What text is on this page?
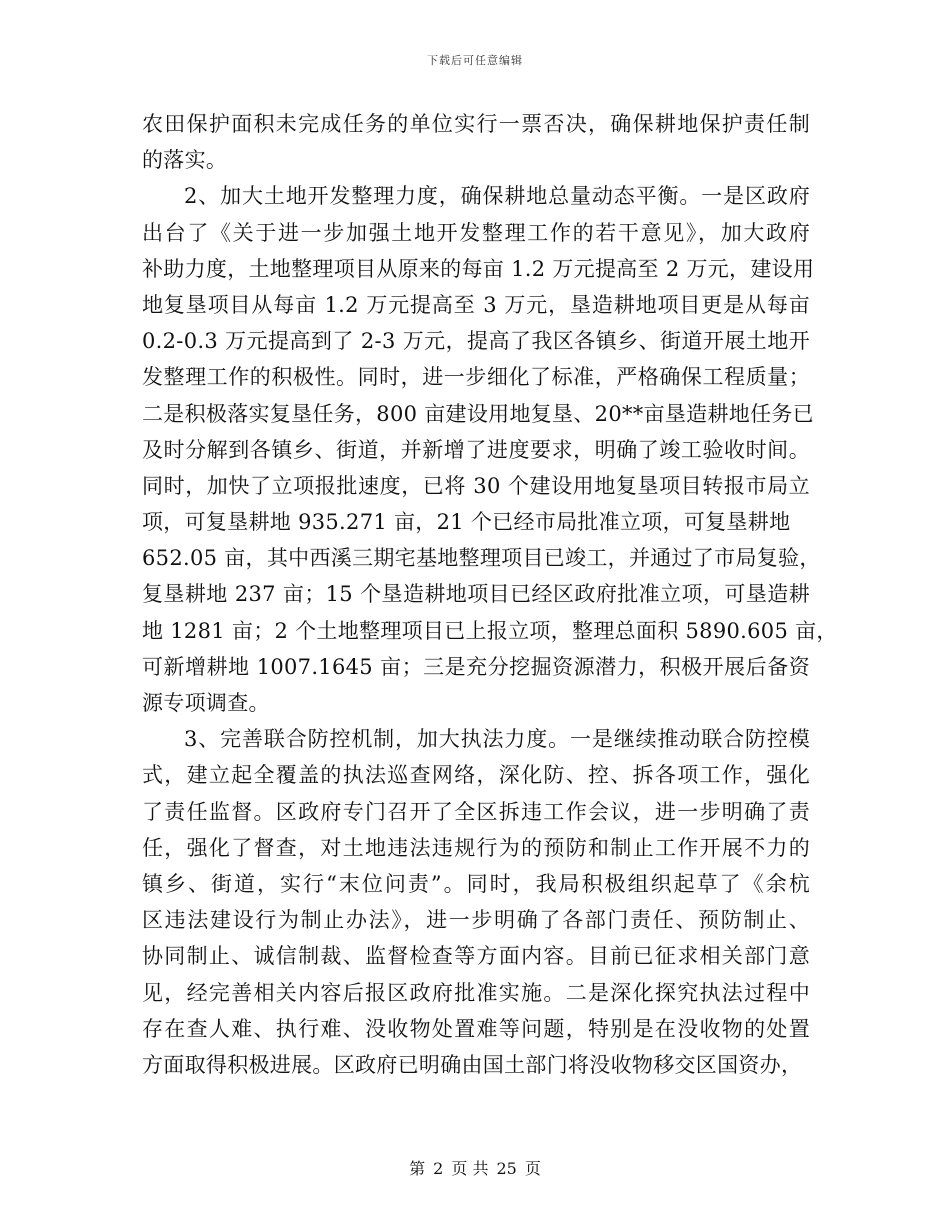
下载后可任意编辑
农田保护面积未完成任务的单位实行一票否决，确保耕地保护责任制
的落实。
2、加大土地开发整理力度，确保耕地总量动态平衡。一是区政府
出台了《关于进一步加强土地开发整理工作的若干意见》，加大政府
补助力度，土地整理项目从原来的每亩 1.2 万元提高至 2 万元，建设用
地复垦项目从每亩 1.2 万元提高至 3 万元，垦造耕地项目更是从每亩
0.2-0.3 万元提高到了 2-3 万元，提高了我区各镇乡、街道开展土地开
发整理工作的积极性。同时，进一步细化了标准，严格确保工程质量；
二是积极落实复垦任务，800 亩建设用地复垦、20**亩垦造耕地任务已
及时分解到各镇乡、街道，并新增了进度要求，明确了竣工验收时间。
同时，加快了立项报批速度，已将 30 个建设用地复垦项目转报市局立
项，可复垦耕地 935.271 亩，21 个已经市局批准立项，可复垦耕地
652.05 亩，其中西溪三期宅基地整理项目已竣工，并通过了市局复验，
复垦耕地 237 亩；15 个垦造耕地项目已经区政府批准立项，可垦造耕
地 1281 亩；2 个土地整理项目已上报立项，整理总面积 5890.605 亩，
可新增耕地 1007.1645 亩；三是充分挖掘资源潜力，积极开展后备资
源专项调查。
3、完善联合防控机制，加大执法力度。一是继续推动联合防控模
式，建立起全覆盖的执法巡查网络，深化防、控、拆各项工作，强化
了责任监督。区政府专门召开了全区拆违工作会议，进一步明确了责
任，强化了督查，对土地违法违规行为的预防和制止工作开展不力的
镇乡、街道，实行“末位问责”。同时，我局积极组织起草了《余杭
区违法建设行为制止办法》，进一步明确了各部门责任、预防制止、
协同制止、诚信制裁、监督检查等方面内容。目前已征求相关部门意
见，经完善相关内容后报区政府批准实施。二是深化探究执法过程中
存在查人难、执行难、没收物处置难等问题，特别是在没收物的处置
方面取得积极进展。区政府已明确由国土部门将没收物移交区国资办，
第 2 页 共 25 页
